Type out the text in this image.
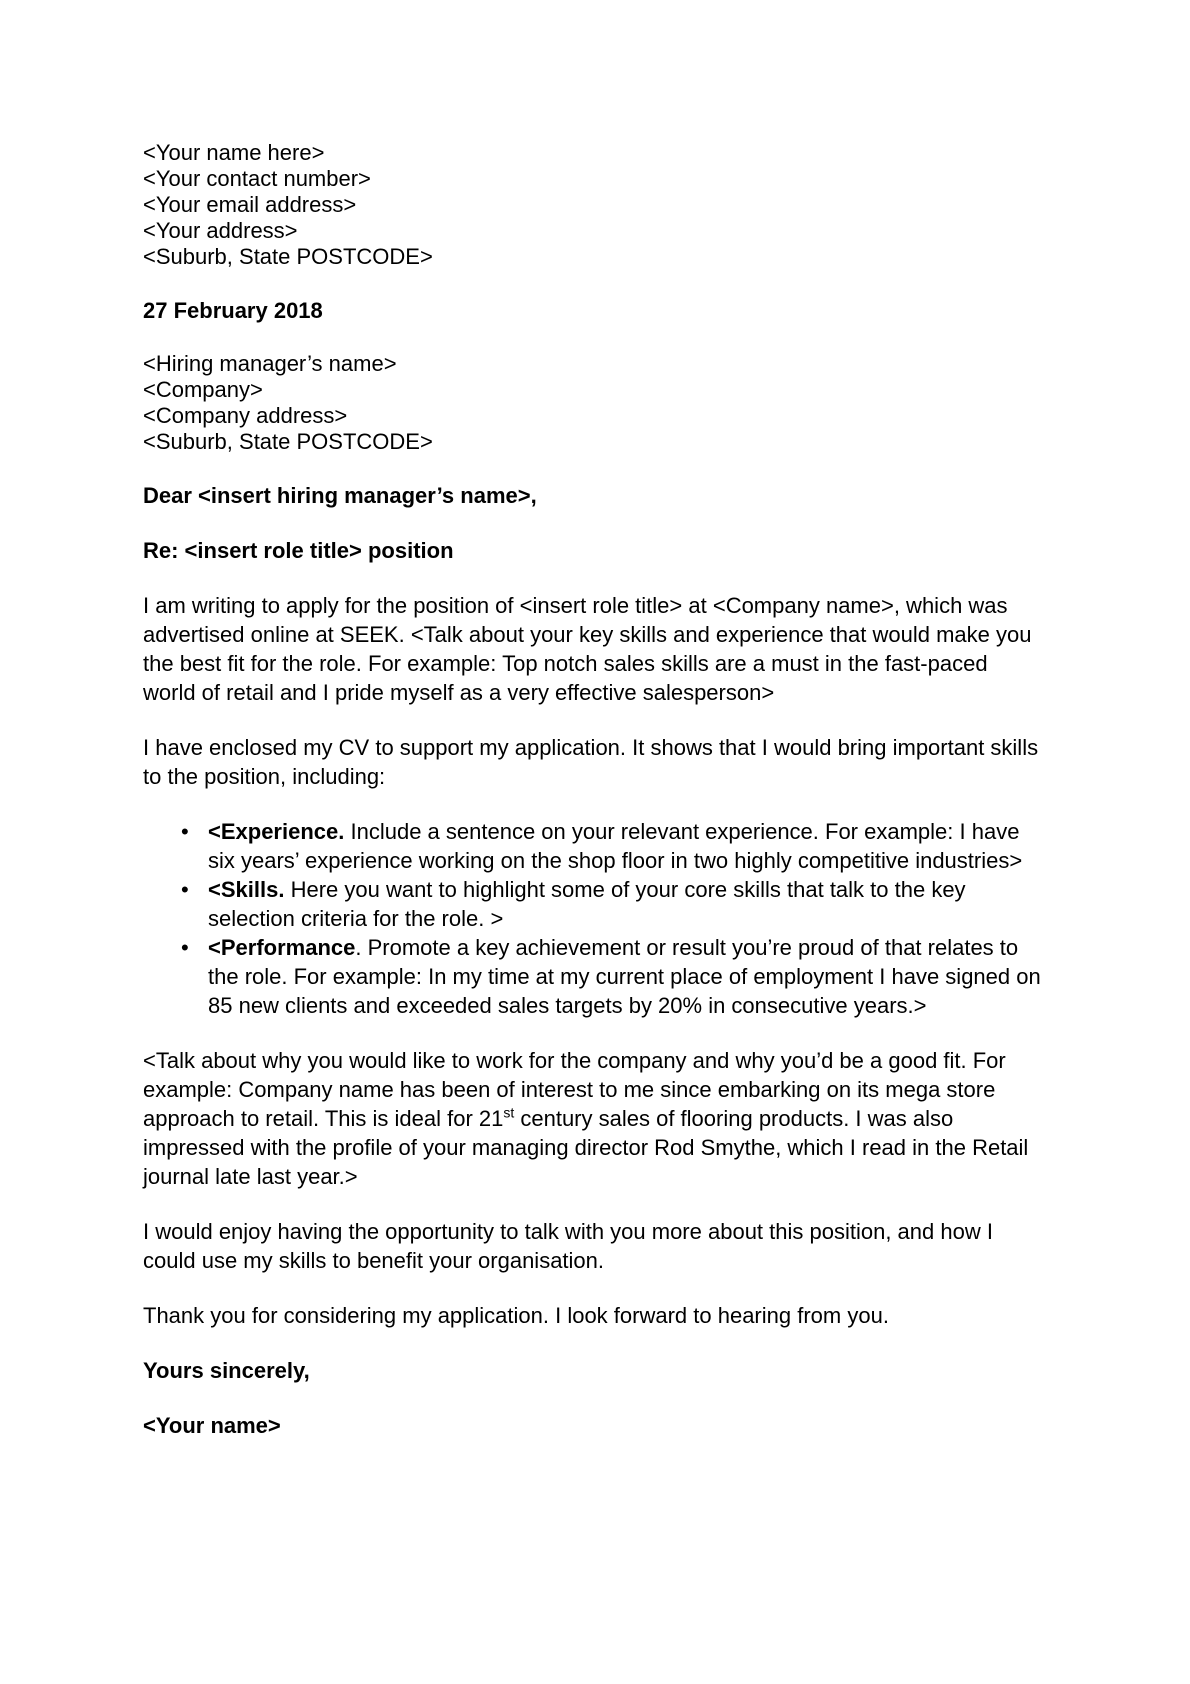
<Your name here>
<Your contact number>
<Your email address>
<Your address>
<Suburb, State POSTCODE>

27 February 2018

<Hiring manager’s name>
<Company>
<Company address>
<Suburb, State POSTCODE>

Dear <insert hiring manager’s name>,

Re: <insert role title> position

I am writing to apply for the position of <insert role title> at <Company name>, which was advertised online at SEEK. <Talk about your key skills and experience that would make you the best fit for the role. For example: Top notch sales skills are a must in the fast-paced world of retail and I pride myself as a very effective salesperson>

I have enclosed my CV to support my application. It shows that I would bring important skills to the position, including:

• <Experience. Include a sentence on your relevant experience. For example: I have six years’ experience working on the shop floor in two highly competitive industries>
• <Skills. Here you want to highlight some of your core skills that talk to the key selection criteria for the role. >
• <Performance. Promote a key achievement or result you’re proud of that relates to the role. For example: In my time at my current place of employment I have signed on 85 new clients and exceeded sales targets by 20% in consecutive years.>

<Talk about why you would like to work for the company and why you’d be a good fit. For example: Company name has been of interest to me since embarking on its mega store approach to retail. This is ideal for 21st century sales of flooring products. I was also impressed with the profile of your managing director Rod Smythe, which I read in the Retail journal late last year.>

I would enjoy having the opportunity to talk with you more about this position, and how I could use my skills to benefit your organisation.

Thank you for considering my application. I look forward to hearing from you.

Yours sincerely,

<Your name>
